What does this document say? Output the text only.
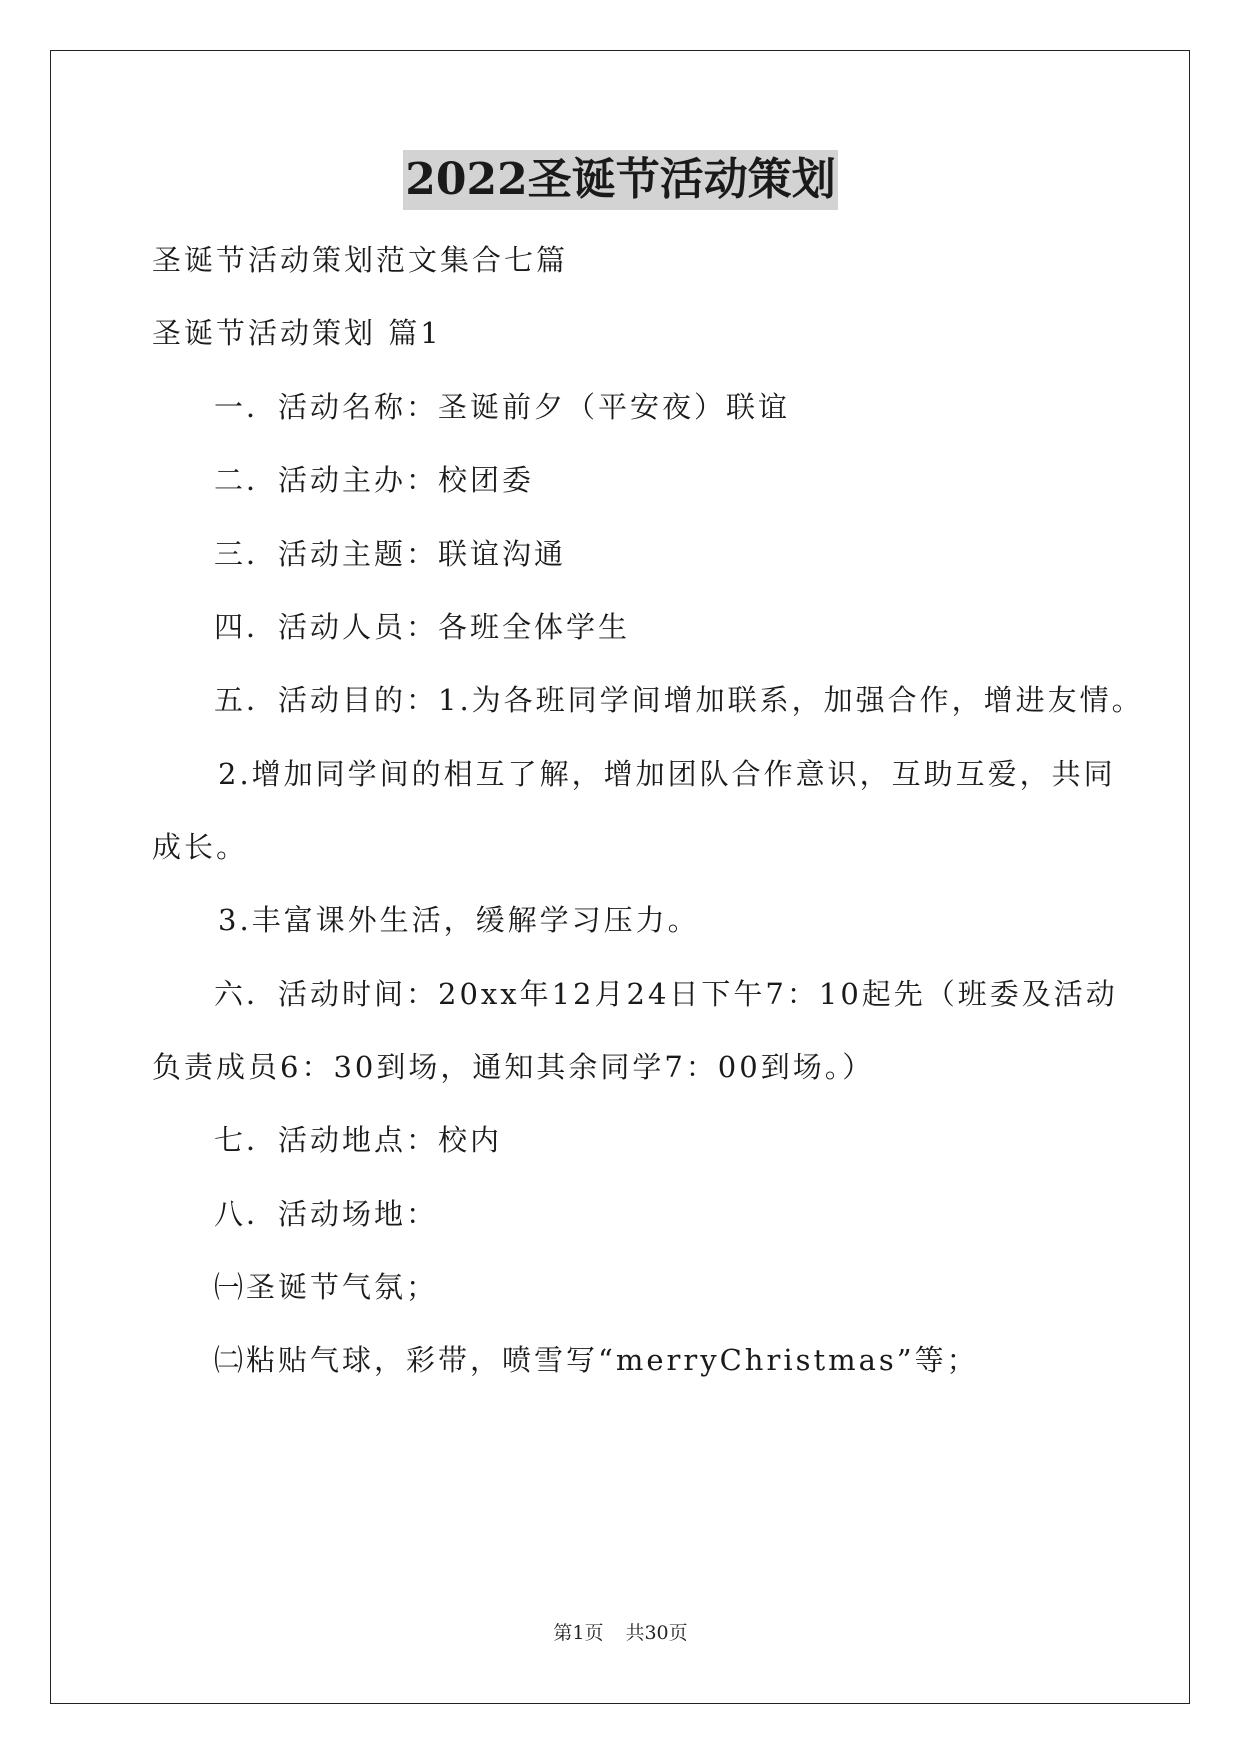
2022圣诞节活动策划
圣诞节活动策划范文集合七篇
圣诞节活动策划 篇1
一．活动名称：圣诞前夕（平安夜）联谊
二．活动主办：校团委
三．活动主题：联谊沟通
四．活动人员：各班全体学生
五．活动目的：1.为各班同学间增加联系，加强合作，增进友情。
2.增加同学间的相互了解，增加团队合作意识，互助互爱，共同
成长。
3.丰富课外生活，缓解学习压力。
六．活动时间：20xx年12月24日下午7：10起先（班委及活动
负责成员6：30到场，通知其余同学7：00到场。）
七．活动地点：校内
八．活动场地：
㈠圣诞节气氛；
㈡粘贴气球，彩带，喷雪写“merryChristmas”等；
第1页 共30页
